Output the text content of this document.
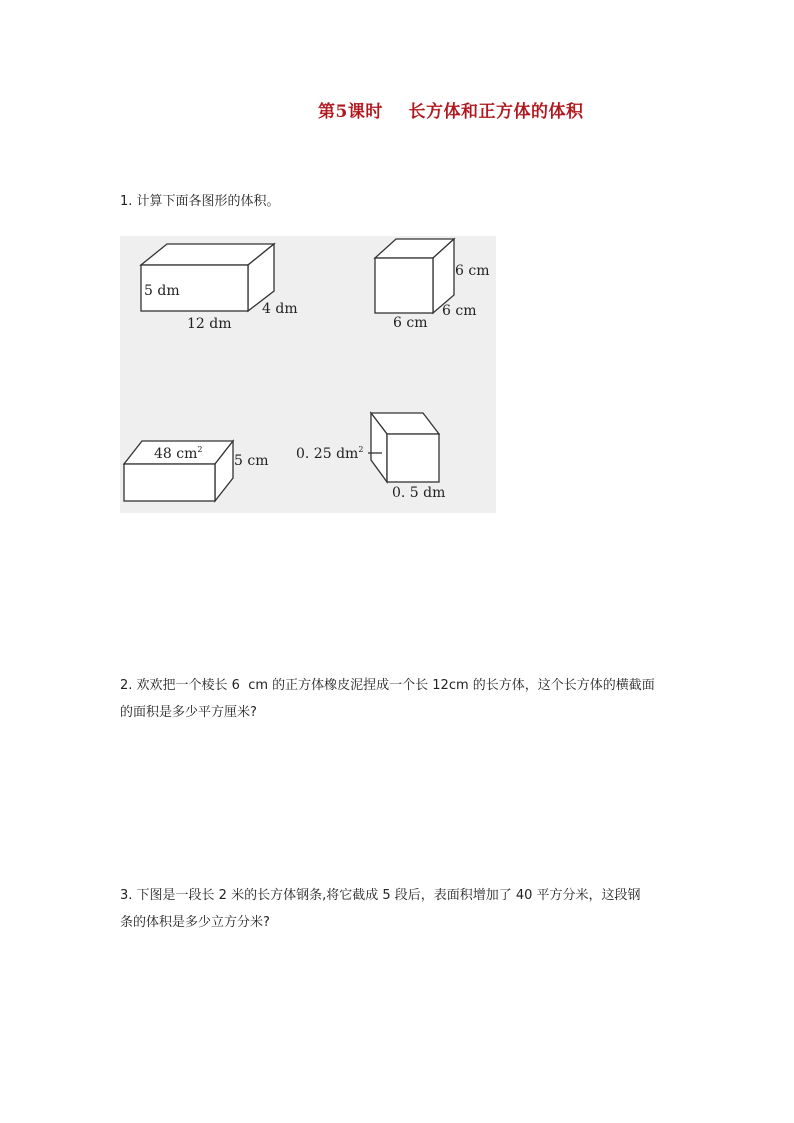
第5课时    长方体和正方体的体积
1. 计算下面各图形的体积。
5 dm
12 dm
4 dm
6 cm
6 cm
6 cm
48 $cm^2$
5 cm 0. 25 $dm^2$
0. 5 dm
2. 欢欢把一个棱长 6  cm 的正方体橡皮泥捏成一个长 12cm 的长方体，这个长方体的横截面
的面积是多少平方厘米?
3. 下图是一段长 2 米的长方体钢条,将它截成 5 段后，表面积增加了 40 平方分米，这段钢
条的体积是多少立方分米?
